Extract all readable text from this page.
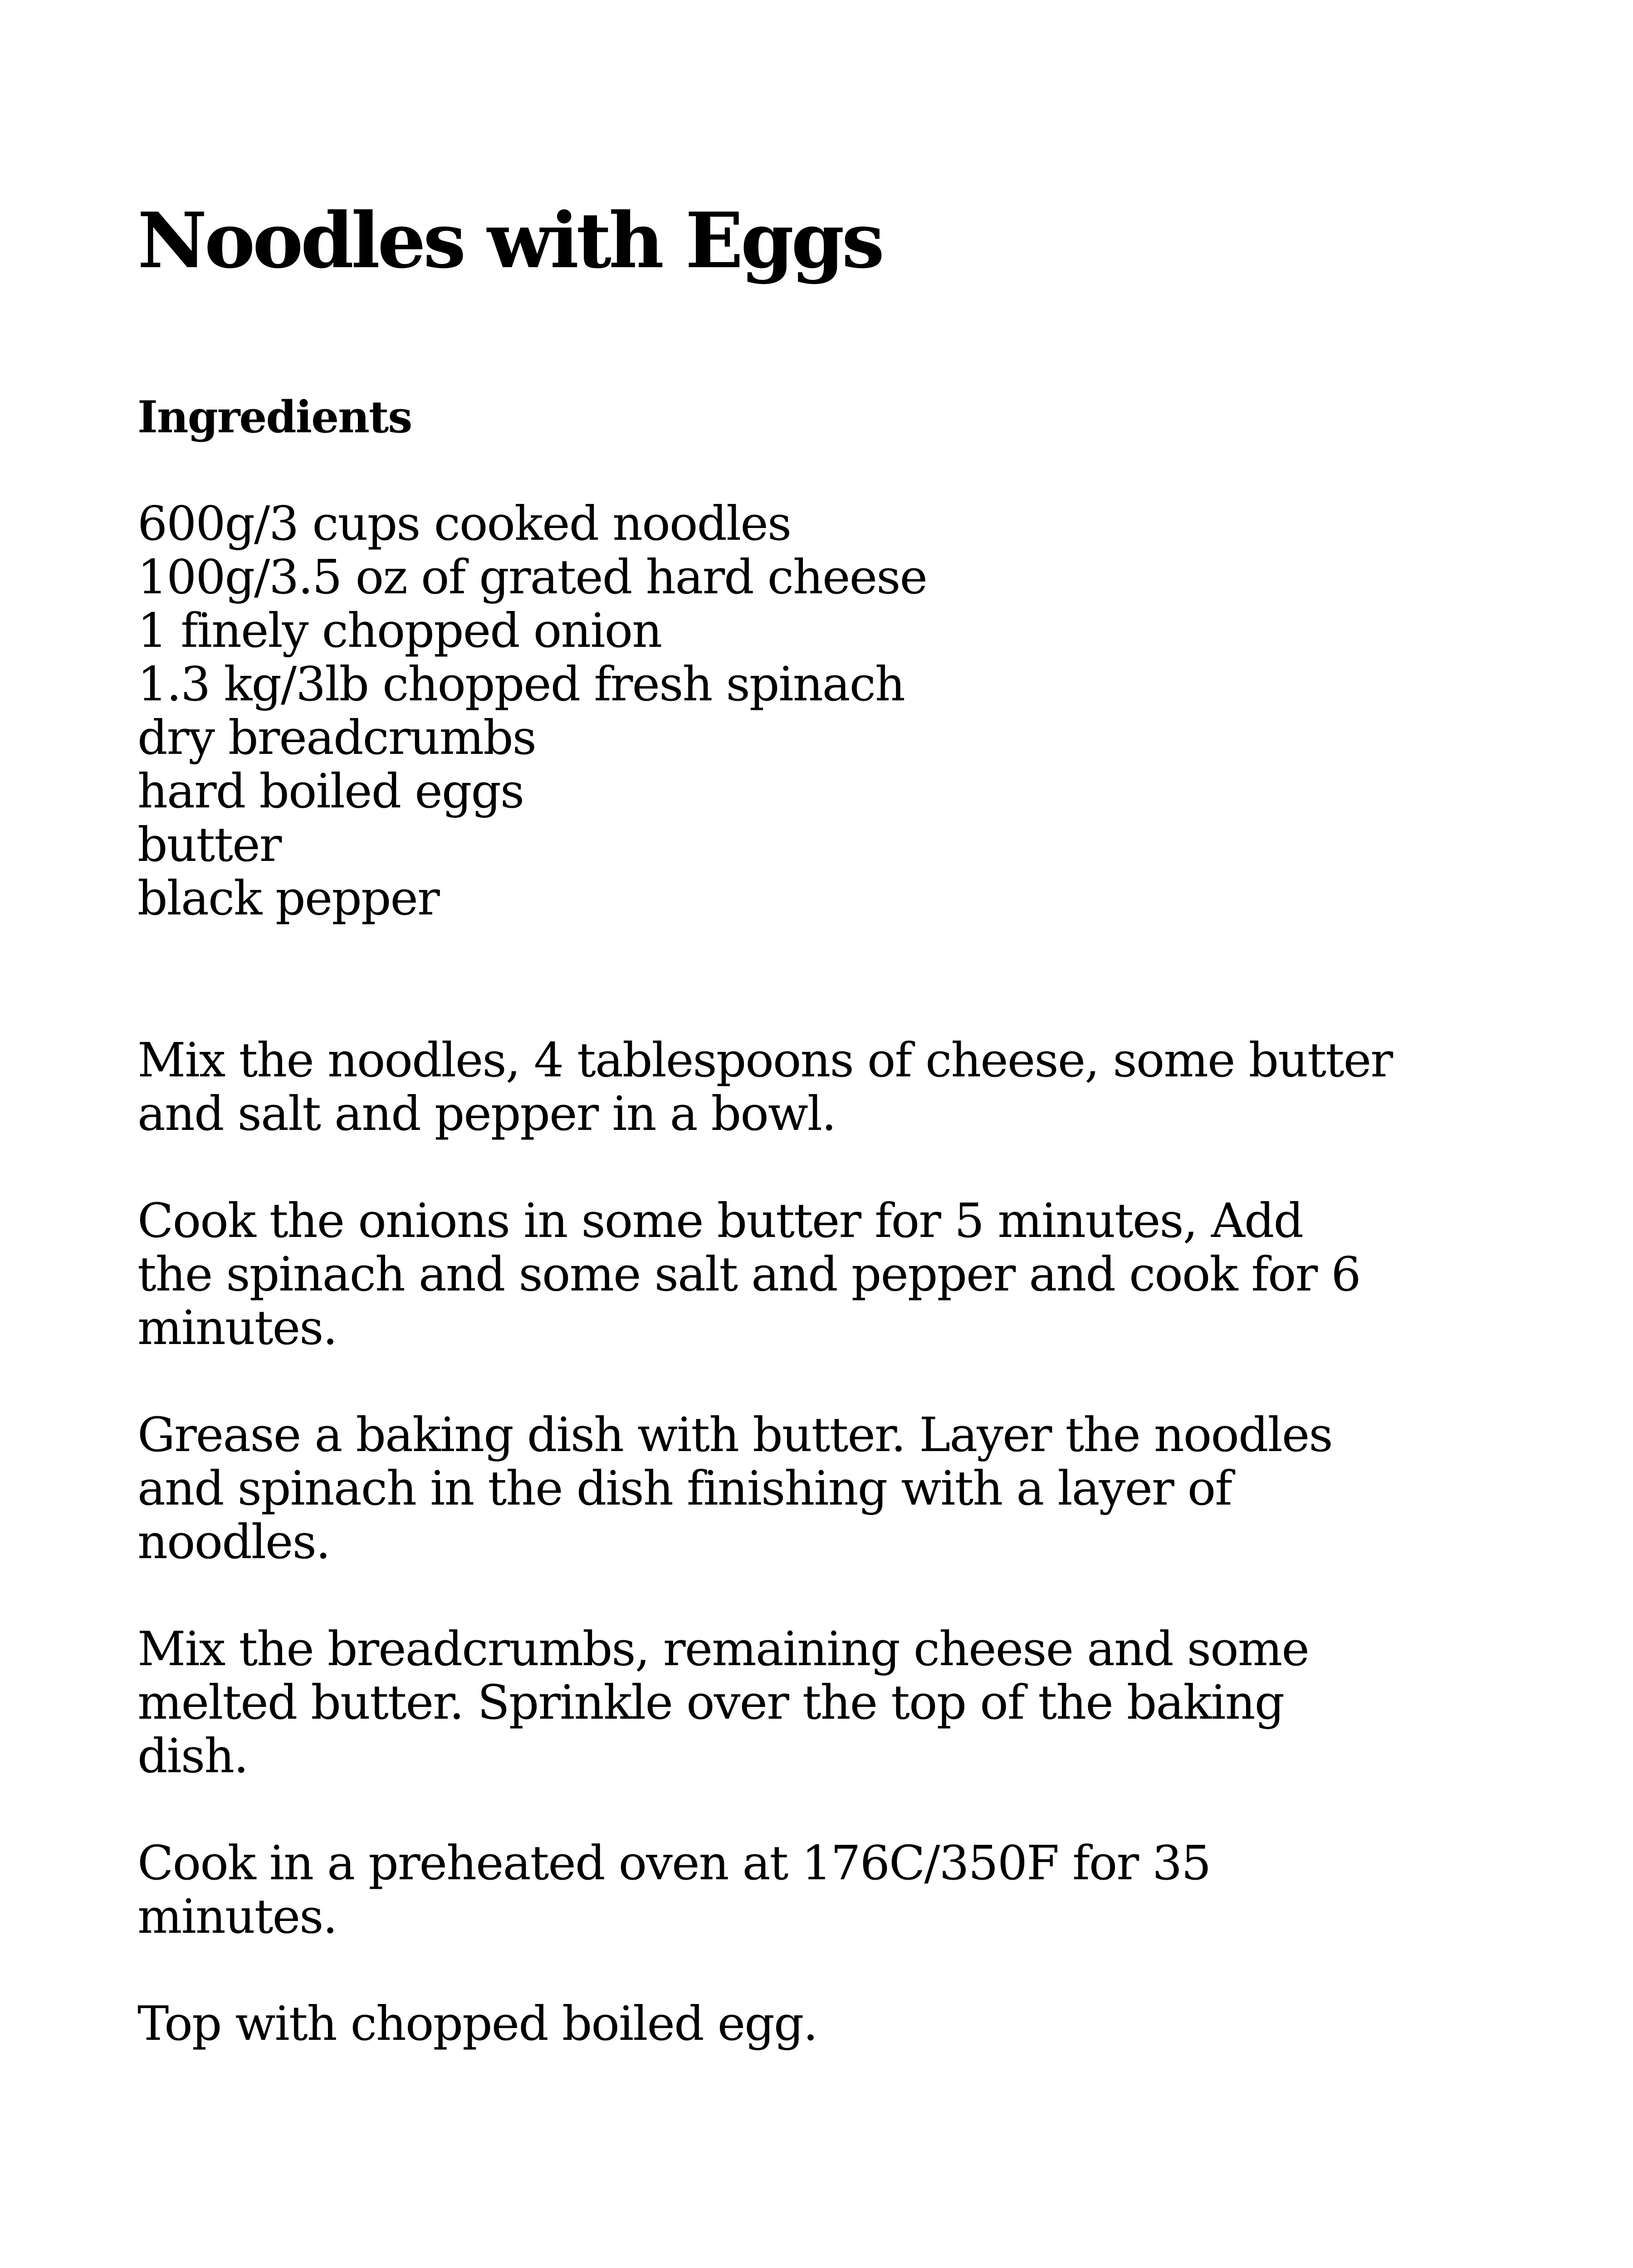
Noodles with Eggs
Ingredients
600g/3 cups cooked noodles
100g/3.5 oz of grated hard cheese
1 finely chopped onion
1.3 kg/3lb chopped fresh spinach
dry breadcrumbs
hard boiled eggs
butter
black pepper

Mix the noodles, 4 tablespoons of cheese, some butter
and salt and pepper in a bowl.

Cook the onions in some butter for 5 minutes, Add
the spinach and some salt and pepper and cook for 6
minutes.

Grease a baking dish with butter. Layer the noodles
and spinach in the dish finishing with a layer of
noodles.

Mix the breadcrumbs, remaining cheese and some
melted butter. Sprinkle over the top of the baking
dish.

Cook in a preheated oven at 176C/350F for 35
minutes.

Top with chopped boiled egg.
